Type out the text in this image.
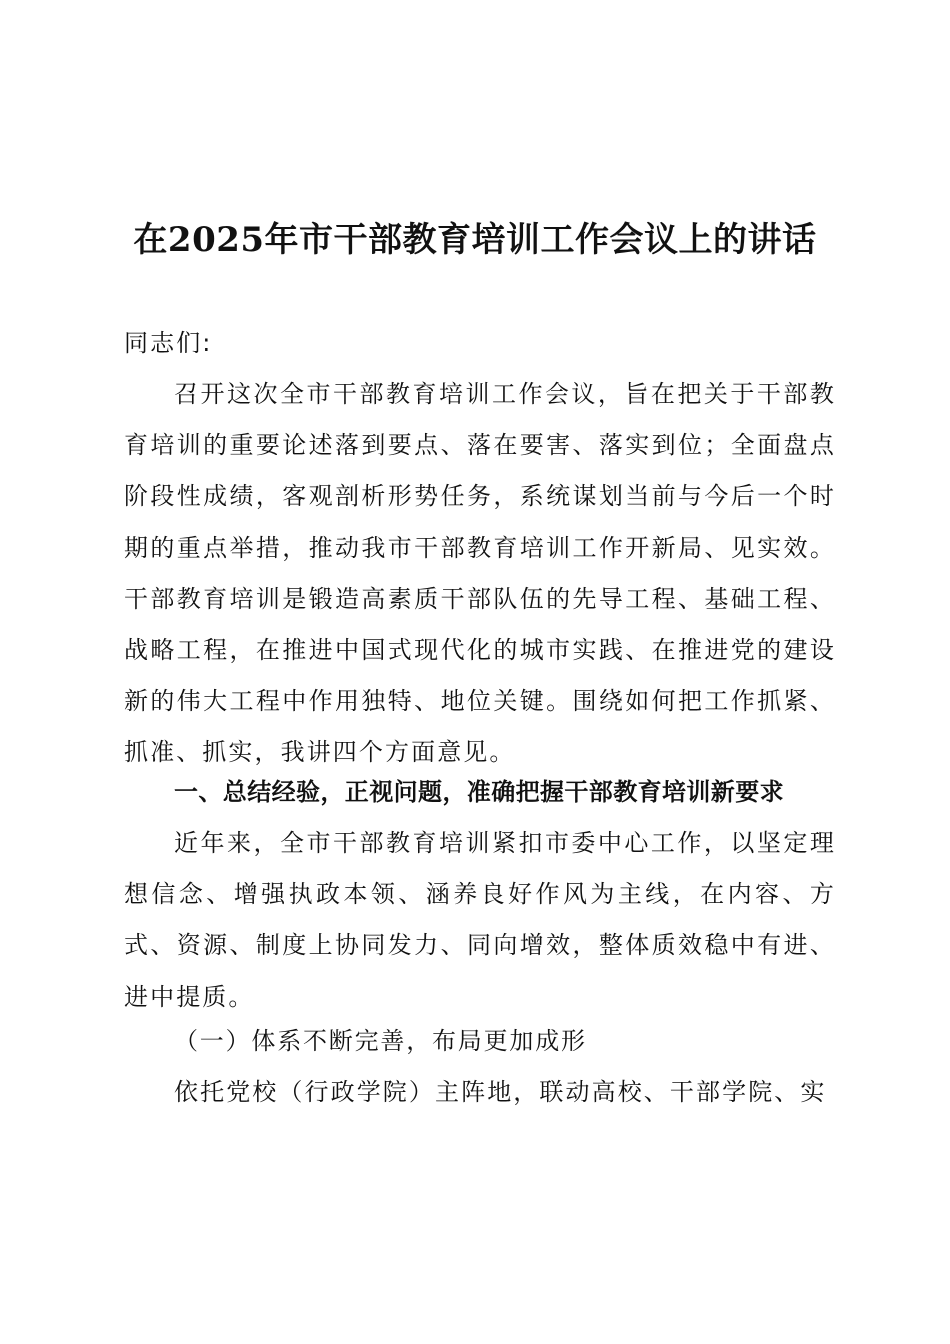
在2025年市干部教育培训工作会议上的讲话
同志们:

召开这次全市干部教育培训工作会议，旨在把关于干部教育培训的重要论述落到要点、落在要害、落实到位；全面盘点阶段性成绩，客观剖析形势任务，系统谋划当前与今后一个时期的重点举措，推动我市干部教育培训工作开新局、见实效。干部教育培训是锻造高素质干部队伍的先导工程、基础工程、战略工程，在推进中国式现代化的城市实践、在推进党的建设新的伟大工程中作用独特、地位关键。围绕如何把工作抓紧、抓准、抓实，我讲四个方面意见。

一、总结经验，正视问题，准确把握干部教育培训新要求

近年来，全市干部教育培训紧扣市委中心工作，以坚定理想信念、增强执政本领、涵养良好作风为主线，在内容、方式、资源、制度上协同发力、同向增效，整体质效稳中有进、进中提质。

（一）体系不断完善，布局更加成形

依托党校（行政学院）主阵地，联动高校、干部学院、实
